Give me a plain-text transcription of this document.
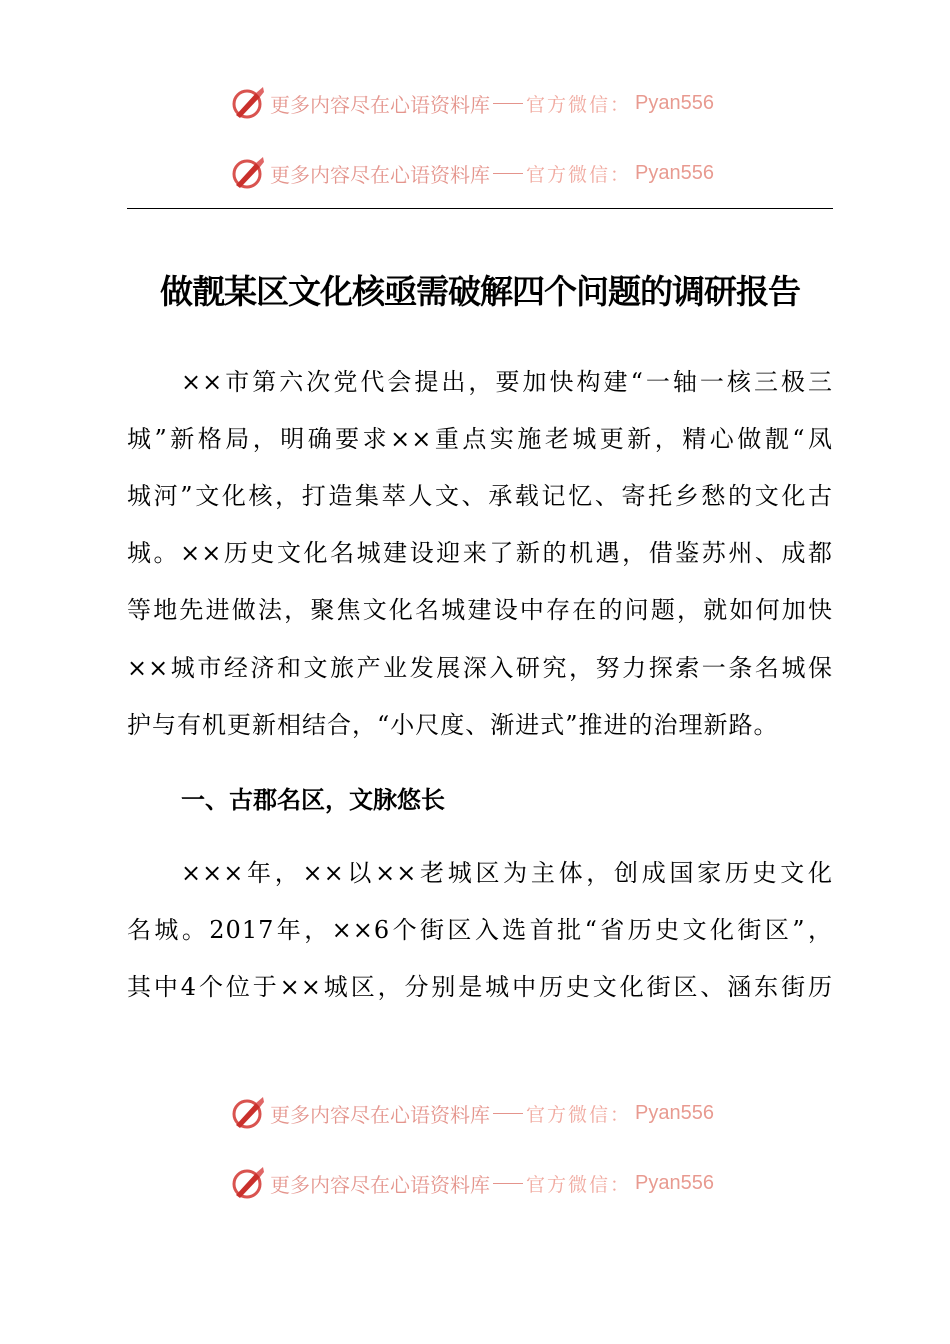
更多内容尽在心语资料库 官方微信： Pyan556
更多内容尽在心语资料库 官方微信： Pyan556
做靓某区文化核亟需破解四个问题的调研报告
××市第六次党代会提出，要加快构建“一轴一核三极三
城”新格局，明确要求××重点实施老城更新，精心做靓“凤
城河”文化核，打造集萃人文、承载记忆、寄托乡愁的文化古
城。××历史文化名城建设迎来了新的机遇，借鉴苏州、成都
等地先进做法，聚焦文化名城建设中存在的问题，就如何加快
××城市经济和文旅产业发展深入研究，努力探索一条名城保
护与有机更新相结合，“小尺度、渐进式”推进的治理新路。
一、古郡名区，文脉悠长
×××年，××以××老城区为主体，创成国家历史文化
名城。2017年，××6个街区入选首批“省历史文化街区”，
其中4个位于××城区，分别是城中历史文化街区、涵东街历
更多内容尽在心语资料库 官方微信： Pyan556
更多内容尽在心语资料库 官方微信： Pyan556
